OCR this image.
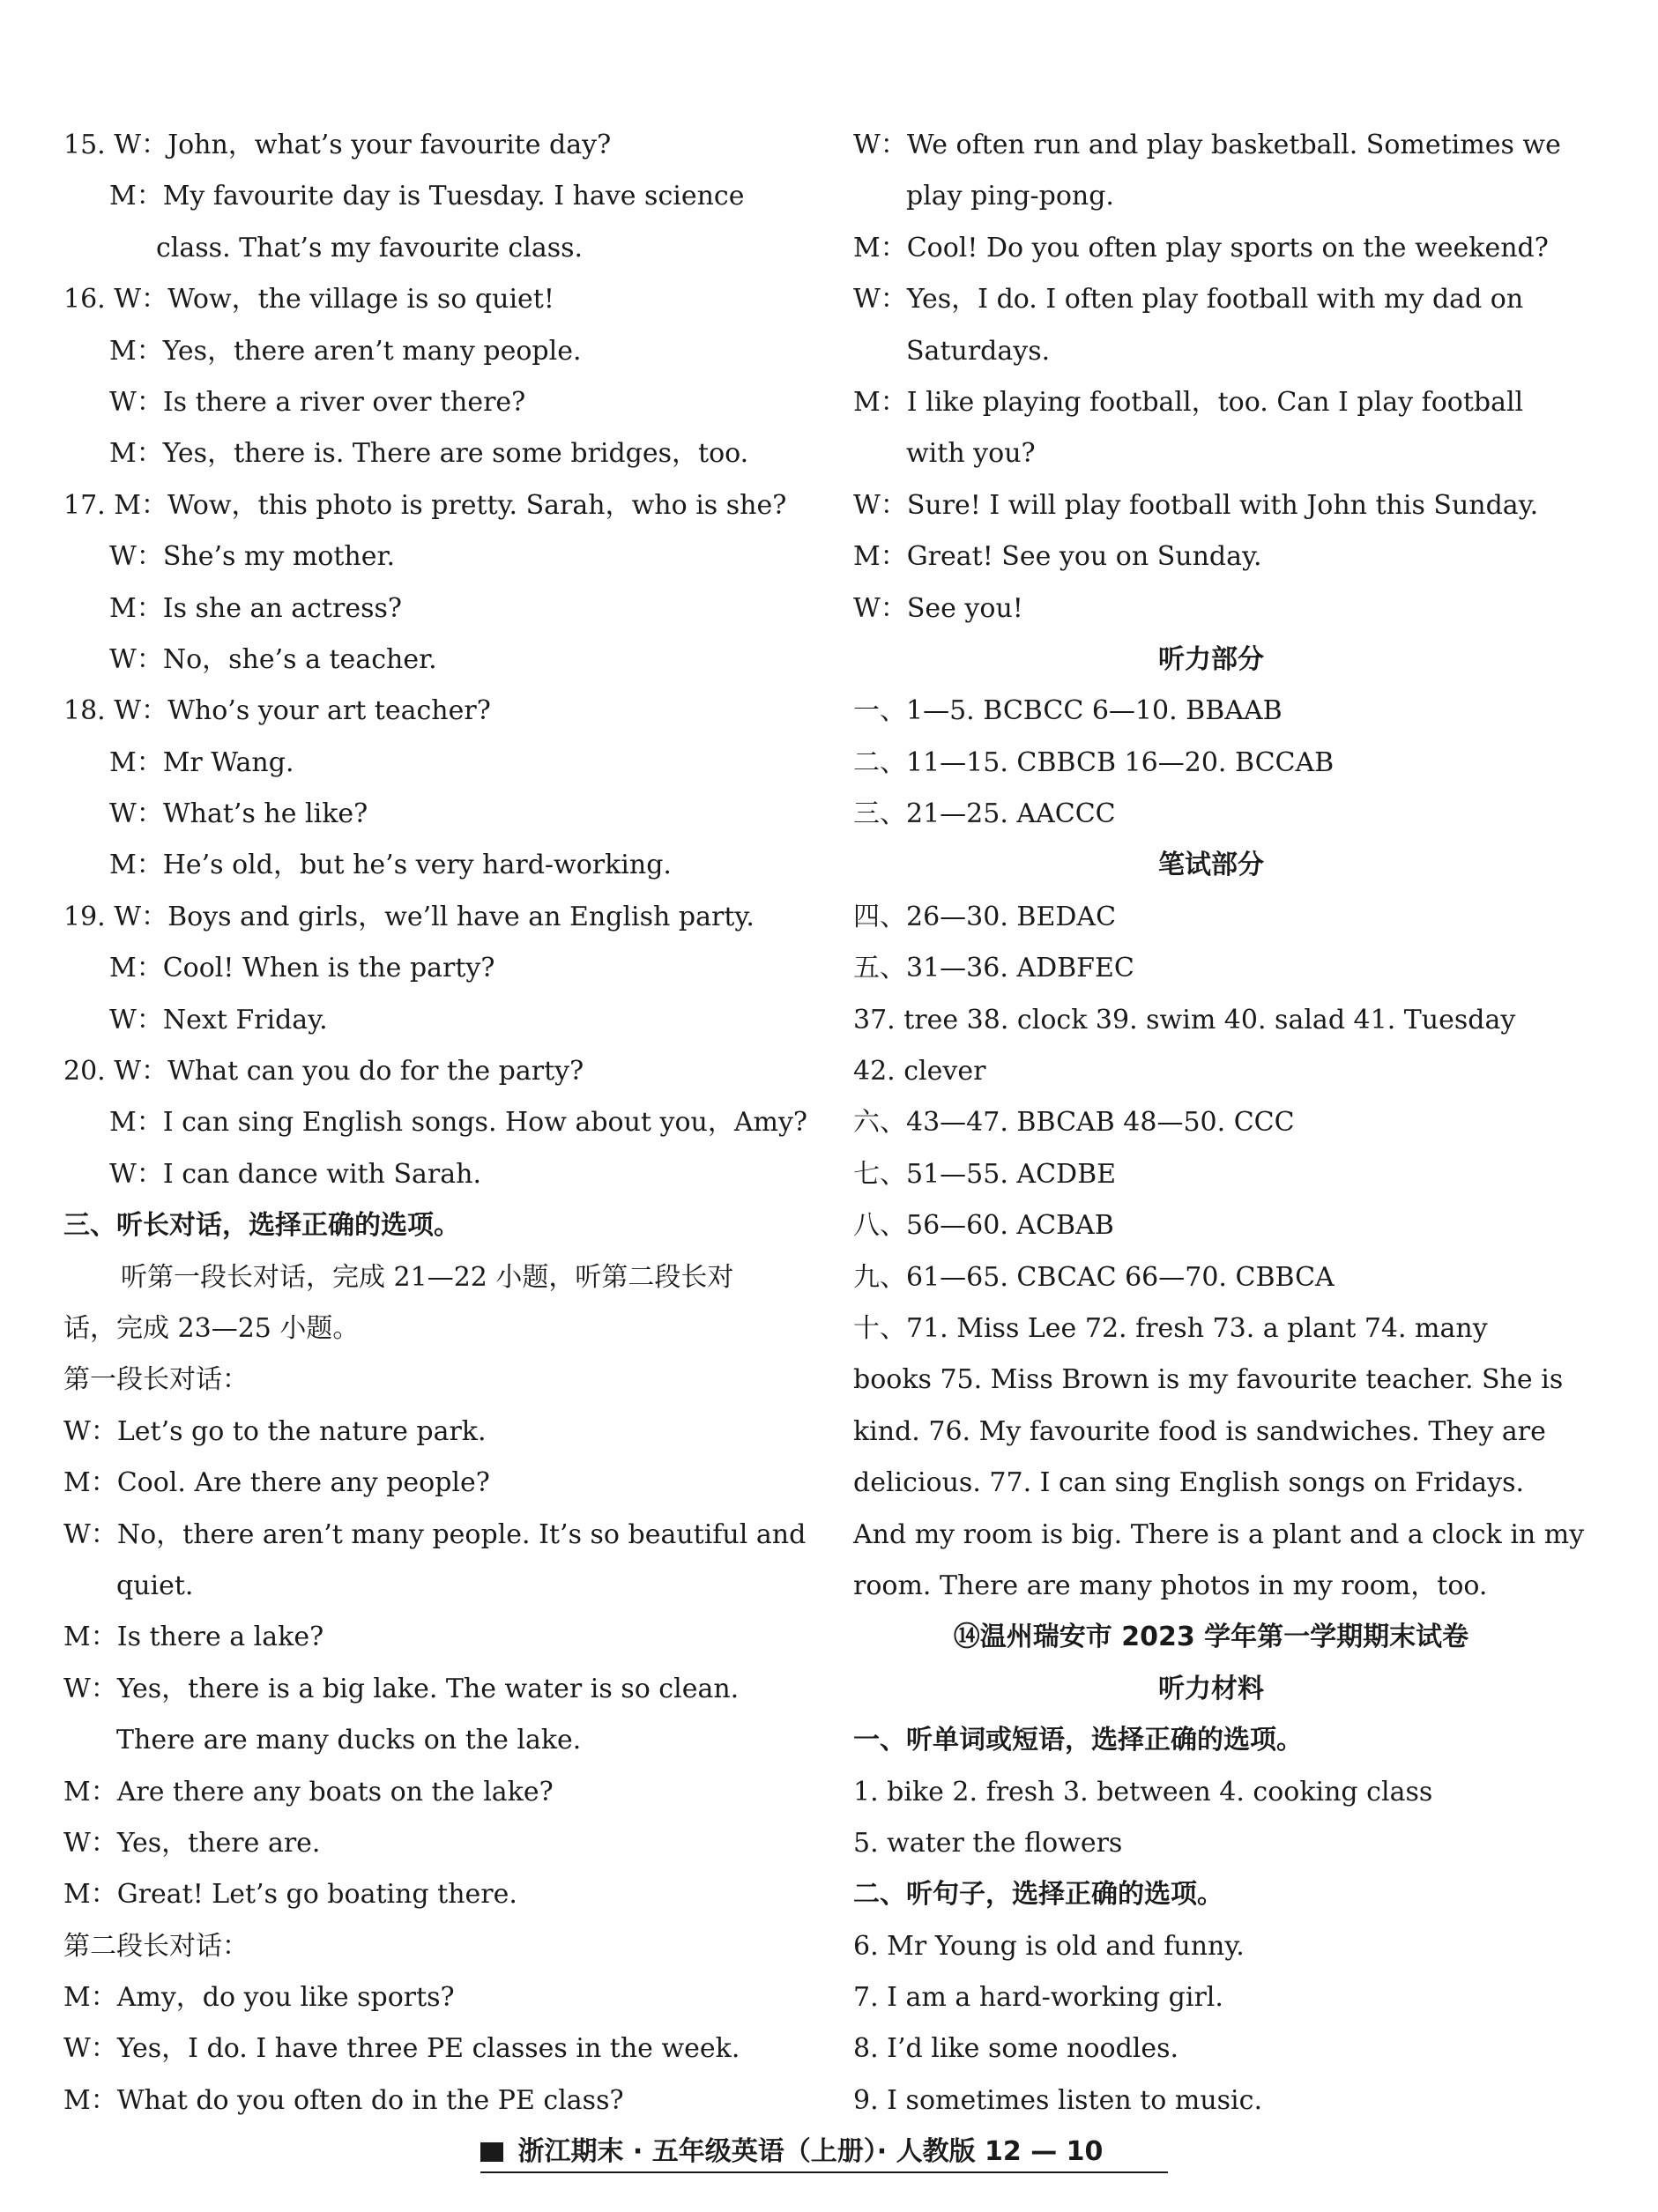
15. W：John，what’s your favourite day?
M：My favourite day is Tuesday. I have science
class. That’s my favourite class.
16. W：Wow，the village is so quiet!
M：Yes，there aren’t many people.
W：Is there a river over there?
M：Yes，there is. There are some bridges，too.
17. M：Wow，this photo is pretty. Sarah，who is she?
W：She’s my mother.
M：Is she an actress?
W：No，she’s a teacher.
18. W：Who’s your art teacher?
M：Mr Wang.
W：What’s he like?
M：He’s old，but he’s very hard-working.
19. W：Boys and girls，we’ll have an English party.
M：Cool! When is the party?
W：Next Friday.
20. W：What can you do for the party?
M：I can sing English songs. How about you，Amy?
W：I can dance with Sarah.
三、听长对话，选择正确的选项。
听第一段长对话，完成 21—22 小题，听第二段长对
话，完成 23—25 小题。
第一段长对话：
W：Let’s go to the nature park.
M：Cool. Are there any people?
W：No，there aren’t many people. It’s so beautiful and
quiet.
M：Is there a lake?
W：Yes，there is a big lake. The water is so clean.
There are many ducks on the lake.
M：Are there any boats on the lake?
W：Yes，there are.
M：Great! Let’s go boating there.
第二段长对话：
M：Amy，do you like sports?
W：Yes，I do. I have three PE classes in the week.
M：What do you often do in the PE class?
W：We often run and play basketball. Sometimes we
play ping-pong.
M：Cool! Do you often play sports on the weekend?
W：Yes，I do. I often play football with my dad on
Saturdays.
M：I like playing football，too. Can I play football
with you?
W：Sure! I will play football with John this Sunday.
M：Great! See you on Sunday.
W：See you!
听力部分
一、1—5. BCBCC 6—10. BBAAB
二、11—15. CBBCB 16—20. BCCAB
三、21—25. AACCC
笔试部分
四、26—30. BEDAC
五、31—36. ADBFEC
37. tree 38. clock 39. swim 40. salad 41. Tuesday
42. clever
六、43—47. BBCAB 48—50. CCC
七、51—55. ACDBE
八、56—60. ACBAB
九、61—65. CBCAC 66—70. CBBCA
十、71. Miss Lee 72. fresh 73. a plant 74. many
books 75. Miss Brown is my favourite teacher. She is
kind. 76. My favourite food is sandwiches. They are
delicious. 77. I can sing English songs on Fridays.
And my room is big. There is a plant and a clock in my
room. There are many photos in my room，too.
⑭温州瑞安市 2023 学年第一学期期末试卷
听力材料
一、听单词或短语，选择正确的选项。
1. bike 2. fresh 3. between 4. cooking class
5. water the flowers
二、听句子，选择正确的选项。
6. Mr Young is old and funny.
7. I am a hard-working girl.
8. I’d like some noodles.
9. I sometimes listen to music.
浙江期末 · 五年级英语（上册）· 人教版 12 — 10
